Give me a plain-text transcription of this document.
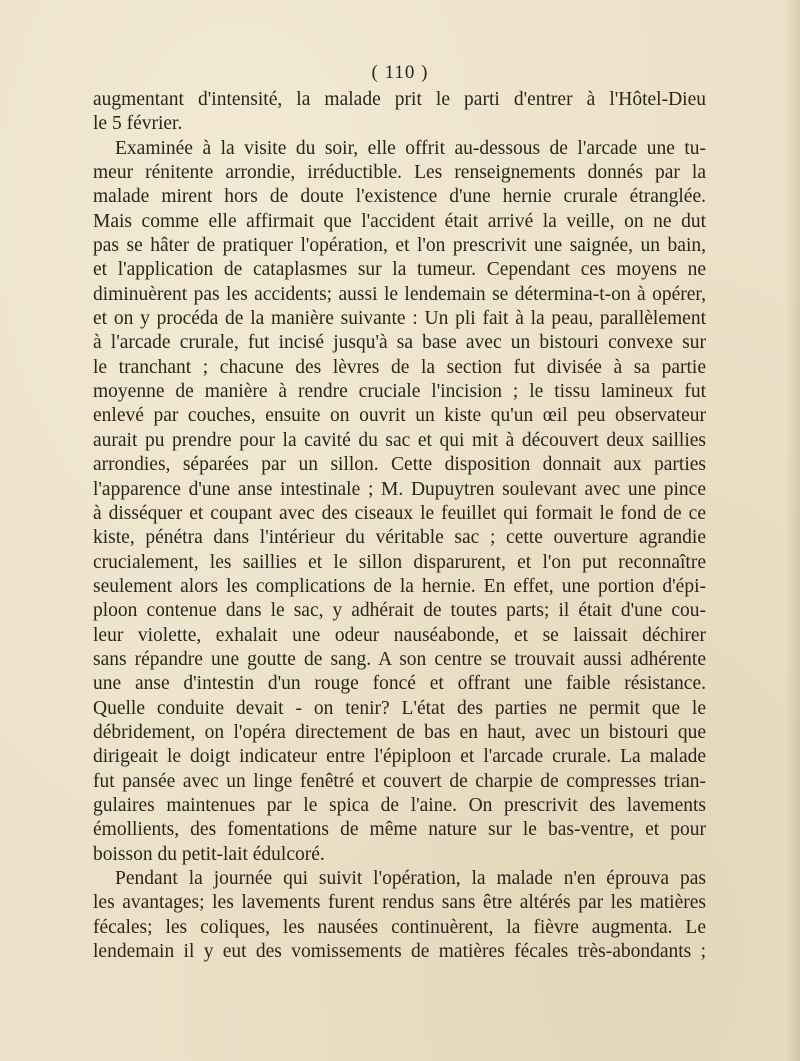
( 110 )
augmentant d'intensité, la malade prit le parti d'entrer à l'Hôtel-Dieu
le 5 février.
Examinée à la visite du soir, elle offrit au-dessous de l'arcade une tu-
meur rénitente arrondie, irréductible. Les renseignements donnés par la
malade mirent hors de doute l'existence d'une hernie crurale étranglée.
Mais comme elle affirmait que l'accident était arrivé la veille, on ne dut
pas se hâter de pratiquer l'opération, et l'on prescrivit une saignée, un bain,
et l'application de cataplasmes sur la tumeur. Cependant ces moyens ne
diminuèrent pas les accidents; aussi le lendemain se détermina-t-on à opérer,
et on y procéda de la manière suivante : Un pli fait à la peau, parallèlement
à l'arcade crurale, fut incisé jusqu'à sa base avec un bistouri convexe sur
le tranchant ; chacune des lèvres de la section fut divisée à sa partie
moyenne de manière à rendre cruciale l'incision ; le tissu lamineux fut
enlevé par couches, ensuite on ouvrit un kiste qu'un œil peu observateur
aurait pu prendre pour la cavité du sac et qui mit à découvert deux saillies
arrondies, séparées par un sillon. Cette disposition donnait aux parties
l'apparence d'une anse intestinale ; M. Dupuytren soulevant avec une pince
à disséquer et coupant avec des ciseaux le feuillet qui formait le fond de ce
kiste, pénétra dans l'intérieur du véritable sac ; cette ouverture agrandie
crucialement, les saillies et le sillon disparurent, et l'on put reconnaître
seulement alors les complications de la hernie. En effet, une portion d'épi-
ploon contenue dans le sac, y adhérait de toutes parts; il était d'une cou-
leur violette, exhalait une odeur nauséabonde, et se laissait déchirer
sans répandre une goutte de sang. A son centre se trouvait aussi adhérente
une anse d'intestin d'un rouge foncé et offrant une faible résistance.
Quelle conduite devait - on tenir? L'état des parties ne permit que le
débridement, on l'opéra directement de bas en haut, avec un bistouri que
dirigeait le doigt indicateur entre l'épiploon et l'arcade crurale. La malade
fut pansée avec un linge fenêtré et couvert de charpie de compresses trian-
gulaires maintenues par le spica de l'aine. On prescrivit des lavements
émollients, des fomentations de même nature sur le bas-ventre, et pour
boisson du petit-lait édulcoré.
Pendant la journée qui suivit l'opération, la malade n'en éprouva pas
les avantages; les lavements furent rendus sans être altérés par les matières
fécales; les coliques, les nausées continuèrent, la fièvre augmenta. Le
lendemain il y eut des vomissements de matières fécales très-abondants ;
